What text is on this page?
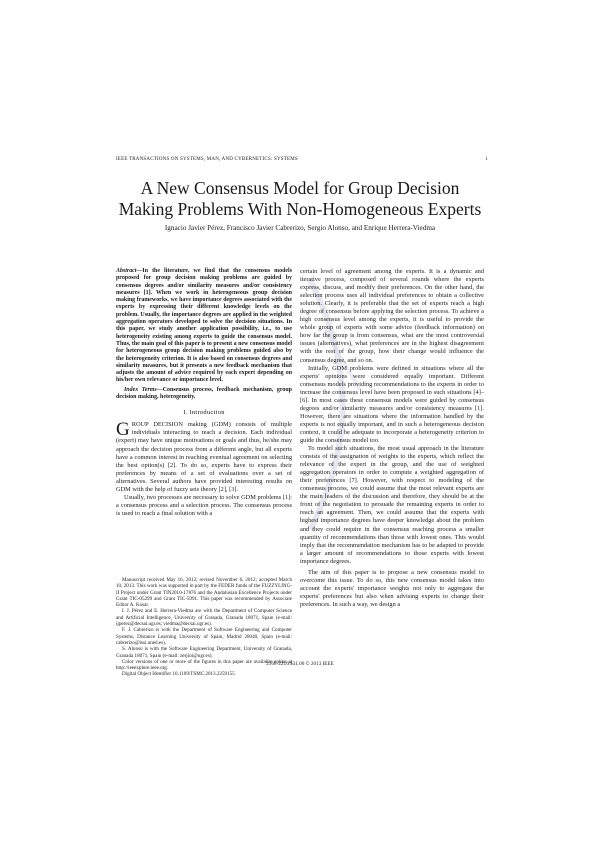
IEEE TRANSACTIONS ON SYSTEMS, MAN, AND CYBERNETICS: SYSTEMS	1
A New Consensus Model for Group Decision
Making Problems With Non-Homogeneous Experts
Ignacio Javier Pérez, Francisco Javier Cabrerizo, Sergio Alonso, and Enrique Herrera-Viedma

Abstract—In the literature, we find that the consensus models proposed for group decision making problems are guided by consensus degrees and/or similarity measures and/or consistency measures [1]. When we work in heterogeneous group decision making frameworks, we have importance degrees associated with the experts by expressing their different knowledge levels on the problem. Usually, the importance degrees are applied in the weighted aggregation operators developed to solve the decision situations. In this paper, we study another application possibility, i.e., to use heterogeneity existing among experts to guide the consensus model. Thus, the main goal of this paper is to present a new consensus model for heterogeneous group decision making problems guided also by the heterogeneity criterion. It is also based on consensus degrees and similarity measures, but it presents a new feedback mechanism that adjusts the amount of advice required by each expert depending on his/her own relevance or importance level.

Index Terms—Consensus process, feedback mechanism, group decision making, heterogeneity.

I. Introduction

GROUP DECISION making (GDM) consists of multiple individuals interacting to reach a decision. Each individual (expert) may have unique motivations or goals and thus, he/she may approach the decision process from a different angle, but all experts have a common interest in reaching eventual agreement on selecting the best option(s) [2]. To do so, experts have to express their preferences by means of a set of evaluations over a set of alternatives. Several authors have provided interesting results on GDM with the help of fuzzy sets theory [2], [3].

Usually, two processes are necessary to solve GDM problems [1]: a consensus process and a selection process. The consensus process is used to reach a final solution with a

Manuscript received May 16, 2012; revised November 6, 2012; accepted March 10, 2013. This work was supported in part by the FEDER funds of the FUZZYLING-II Project under Grant TIN2010-17876 and the Andalusian Excellence Projects under Grant TIC-05299 and Grant TIC-5991. This paper was recommended by Associate Editor A. Kosar.

I. J. Pérez and E. Herrera-Viedma are with the Department of Computer Science and Artificial Intelligence, University of Granada, Granada 18071, Spain (e-mail: ijperez@decsai.ugr.es; viedma@decsai.ugr.es).

F. J. Cabrerizo is with the Department of Software Engineering and Computer Systems, Distance Learning University of Spain, Madrid 28040, Spain (e-mail: cabrerizo@issi.uned.es).

S. Alonso is with the Software Engineering Department, University of Granada, Granada 18071, Spain (e-mail: zerjioi@ugr.es).

Color versions of one or more of the figures in this paper are available online at http://ieeexplore.ieee.org.

Digital Object Identifier 10.1109/TSMC.2013.2259155

certain level of agreement among the experts. It is a dynamic and iterative process, composed of several rounds where the experts express, discuss, and modify their preferences. On the other hand, the selection process uses all individual preferences to obtain a collective solution. Clearly, it is preferable that the set of experts reach a high degree of consensus before applying the selection process. To achieve a high consensus level among the experts, it is useful to provide the whole group of experts with some advice (feedback information) on how far the group is from consensus, what are the most controversial issues (alternatives), what preferences are in the highest disagreement with the rest of the group, how their change would influence the consensus degree, and so on.

Initially, GDM problems were defined in situations where all the experts' opinions were considered equally important. Different consensus models providing recommendations to the experts in order to increase the consensus level have been proposed in such situations [4]–[6]. In most cases these consensus models were guided by consensus degrees and/or similarity measures and/or consistency measures [1]. However, there are situations where the information handled by the experts is not equally important, and in such a heterogeneous decision context, it could be adequate to incorporate a heterogeneity criterion to guide the consensus model too.

To model such situations, the most usual approach in the literature consists of the assignation of weights to the experts, which reflect the relevance of the expert in the group, and the use of weighted aggregation operators in order to compute a weighted aggregation of their preferences [7]. However, with respect to modeling of the consensus process, we could assume that the most relevant experts are the main leaders of the discussion and therefore, they should be at the front of the negotiation to persuade the remaining experts in order to reach an agreement. Then, we could assume that the experts with highest importance degrees have deeper knowledge about the problem and they could require in the consensus reaching process a smaller quantity of recommendations than those with lowest ones. This would imply that the recommendation mechanism has to be adapted to provide a larger amount of recommendations to those experts with lowest importance degrees.

The aim of this paper is to propose a new consensus model to overcome this issue. To do so, this new consensus model takes into account the experts' importance weights not only to aggregate the experts' preferences but also when advising experts to change their preferences. In such a way, we design a

2168-2216/$31.00 © 2013 IEEE
